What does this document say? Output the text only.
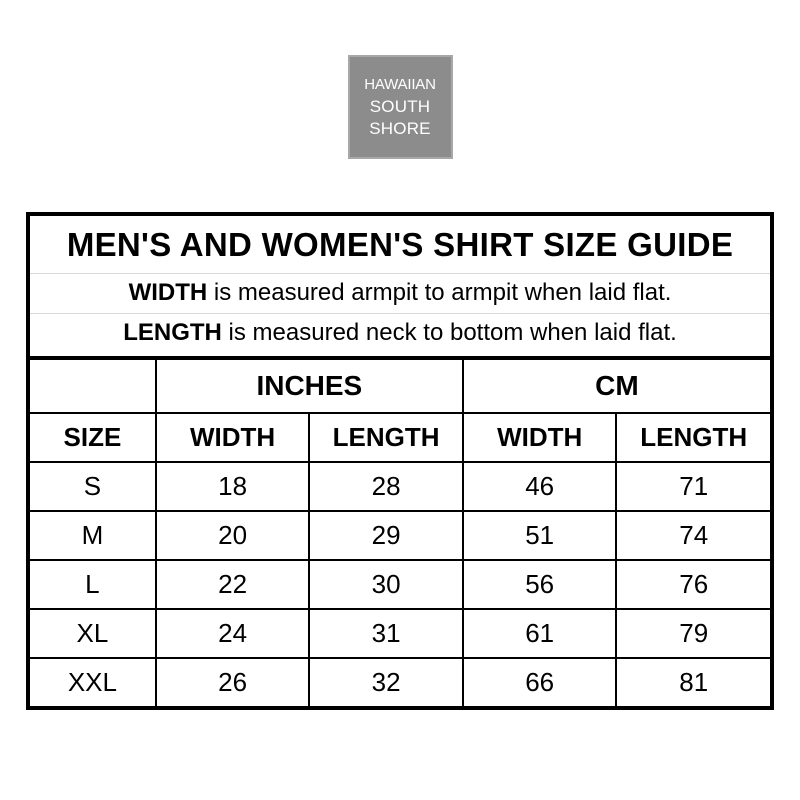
HAWAIIAN
SOUTH
SHORE
MEN'S AND WOMEN'S SHIRT SIZE GUIDE
WIDTH is measured armpit to armpit when laid flat.
LENGTH is measured neck to bottom when laid flat.
	INCHES		CM	
SIZE	WIDTH	LENGTH	WIDTH	LENGTH
S	18	28	46	71
M	20	29	51	74
L	22	30	56	76
XL	24	31	61	79
XXL	26	32	66	81
